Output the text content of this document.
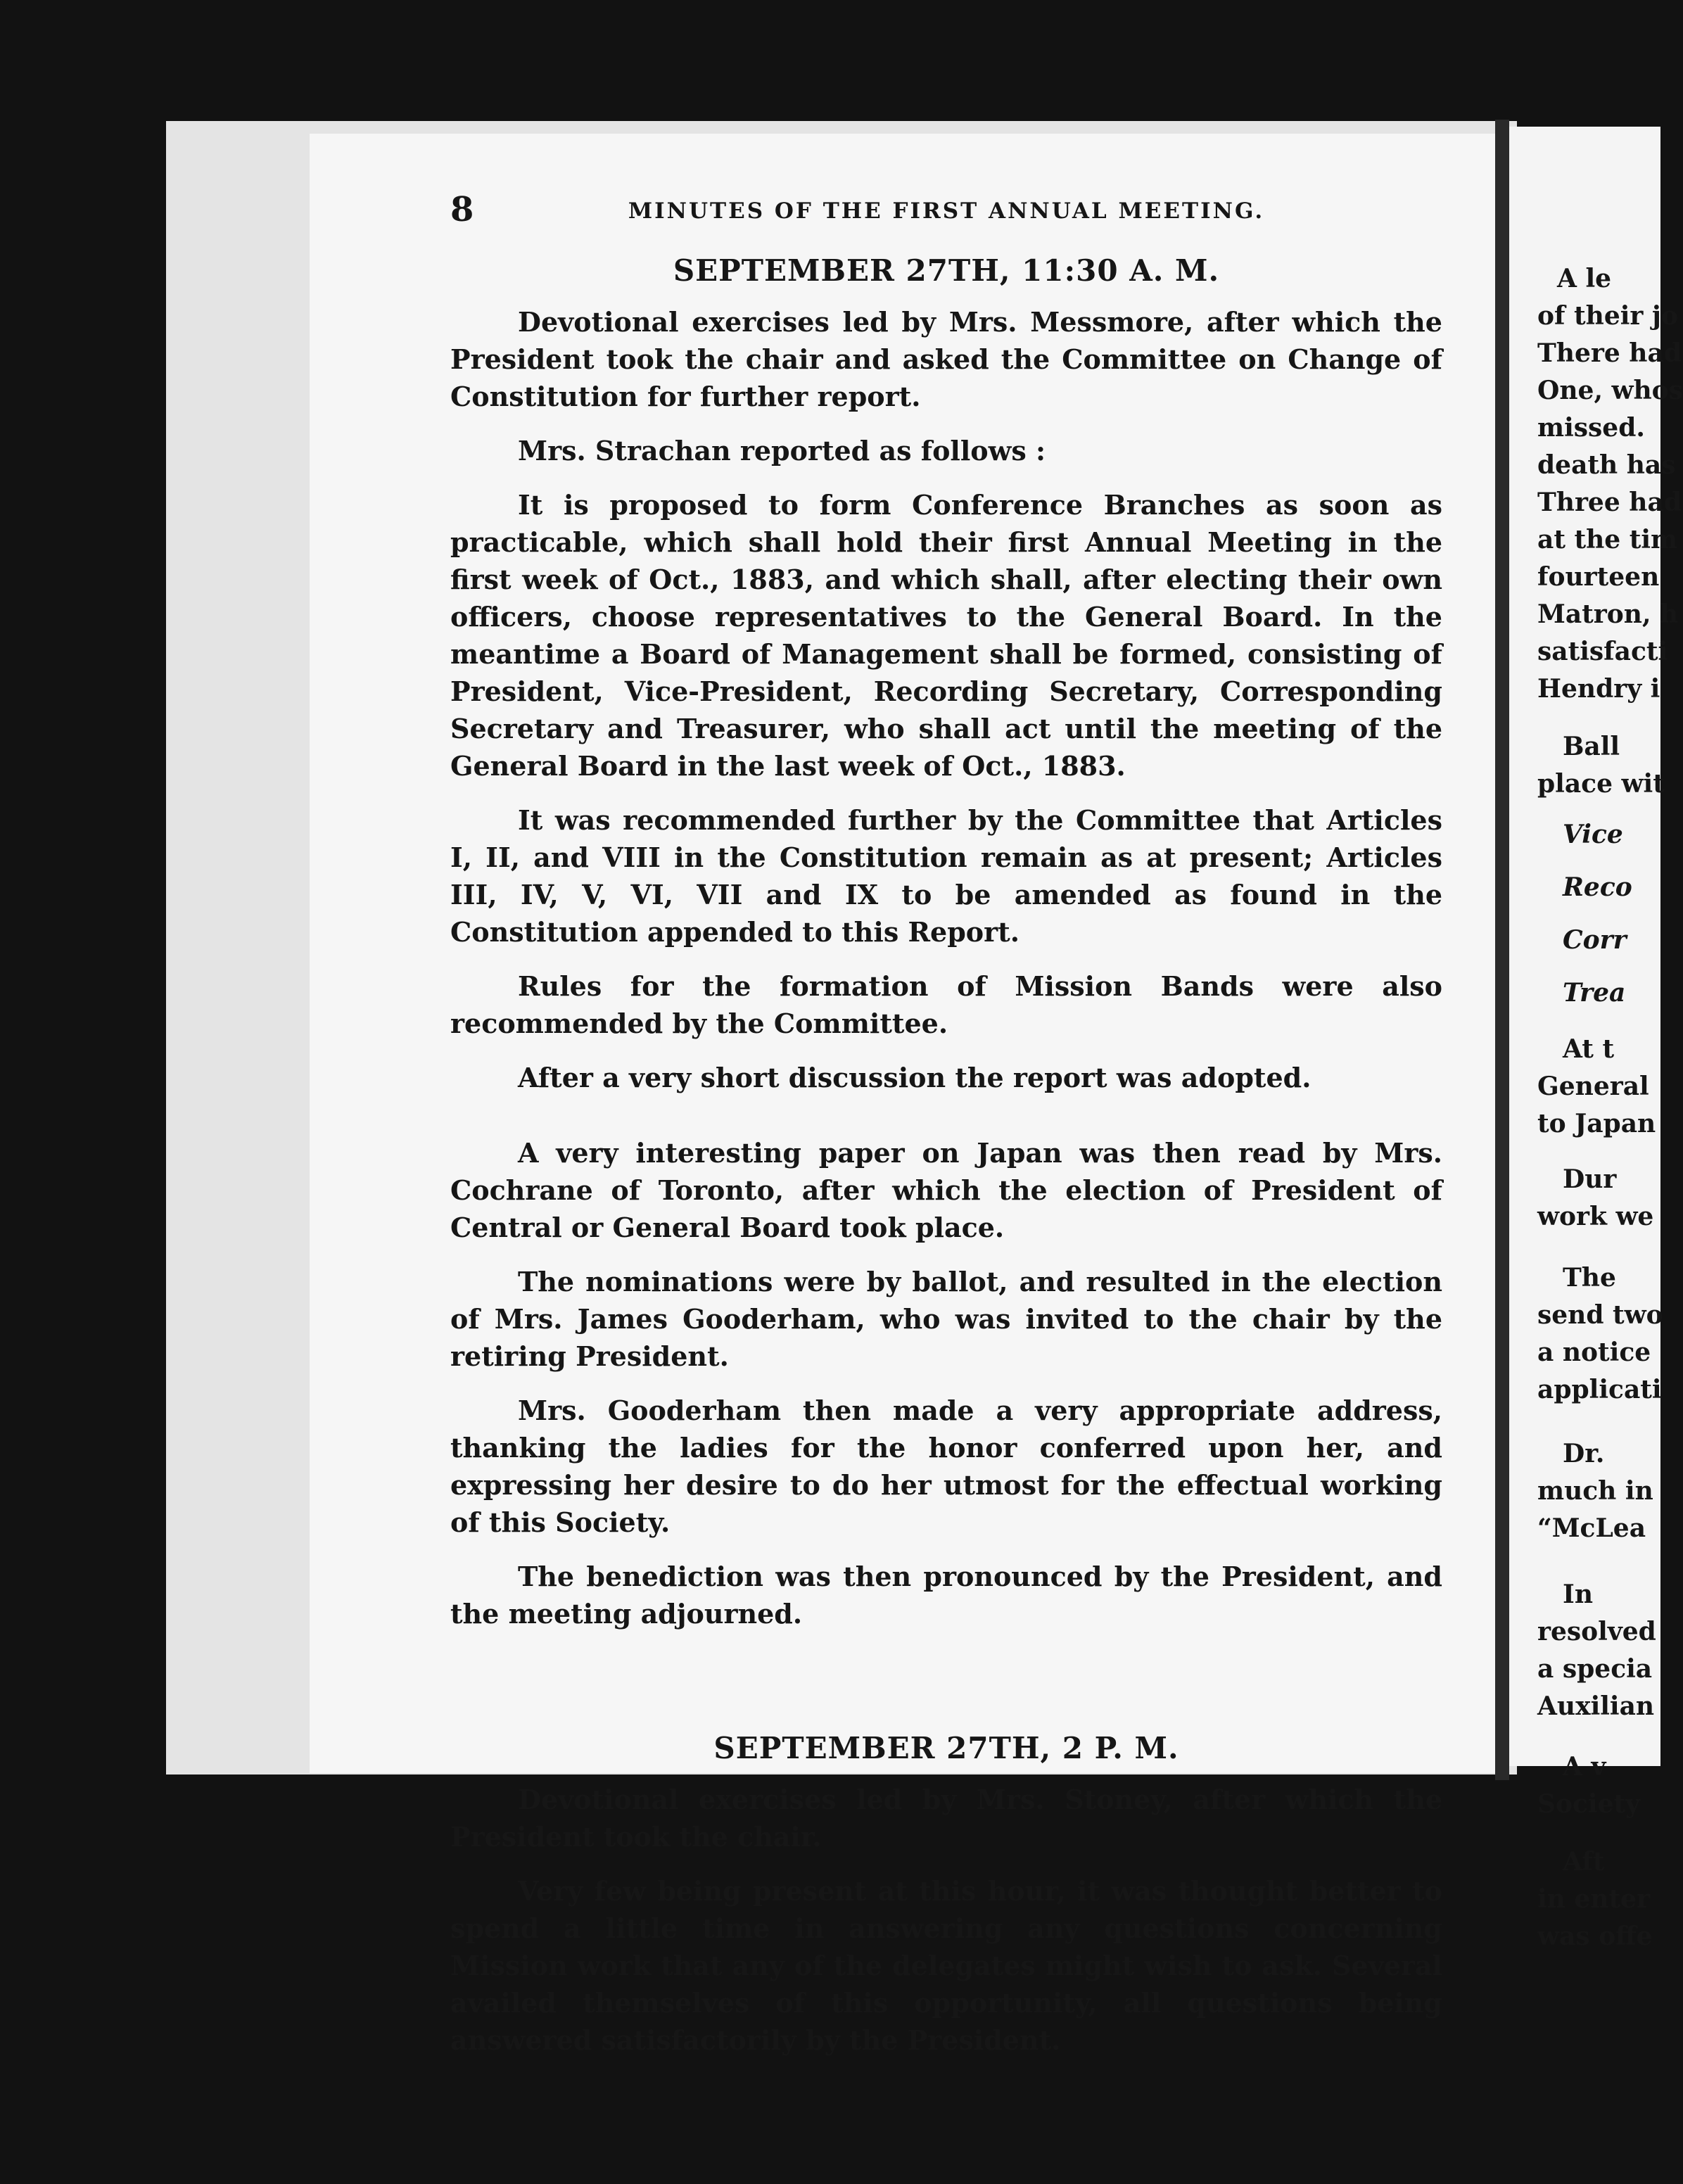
8	MINUTES OF THE FIRST ANNUAL MEETING.
SEPTEMBER 27TH, 11:30 A. M.

Devotional exercises led by Mrs. Messmore, after which the President took the chair and asked the Committee on Change of Constitution for further report.

Mrs. Strachan reported as follows :

It is proposed to form Conference Branches as soon as practicable, which shall hold their first Annual Meeting in the first week of Oct., 1883, and which shall, after electing their own officers, choose representatives to the General Board. In the meantime a Board of Management shall be formed, consisting of President, Vice-President, Recording Secretary, Corresponding Secretary and Treasurer, who shall act until the meeting of the General Board in the last week of Oct., 1883.

It was recommended further by the Committee that Articles I, II, and VIII in the Constitution remain as at present; Articles III, IV, V, VI, VII and IX to be amended as found in the Constitution appended to this Report.

Rules for the formation of Mission Bands were also recommended by the Committee.

After a very short discussion the report was adopted.

A very interesting paper on Japan was then read by Mrs. Cochrane of Toronto, after which the election of President of Central or General Board took place.

The nominations were by ballot, and resulted in the election of Mrs. James Gooderham, who was invited to the chair by the retiring President.

Mrs. Gooderham then made a very appropriate address, thanking the ladies for the honor conferred upon her, and expressing her desire to do her utmost for the effectual working of this Society.

The benediction was then pronounced by the President, and the meeting adjourned.

SEPTEMBER 27TH, 2 P. M.

Devotional exercises led by Mrs. Stoney, after which the President took the chair.

Very few being present at this hour, it was thought better to spend a little time in answering any questions concerning Mission work that any of the delegates might wish to ask. Several availed themselves of this opportunity, all questions being answered satisfactorily by the President.

A le
of their jo
There had
One, whos
missed.
death has
Three had
at the tim
fourteen
Matron, h
satisfacti
Hendry i
Ball
place wit
Vice
Reco
Corr
Trea
At t
General
to Japan
Dur
work we
The
send two
a notice
applicati
Dr.
much in
“McLea
In
resolved
a specia
Auxilian
A v
Society
Aft
in enter
was offe
